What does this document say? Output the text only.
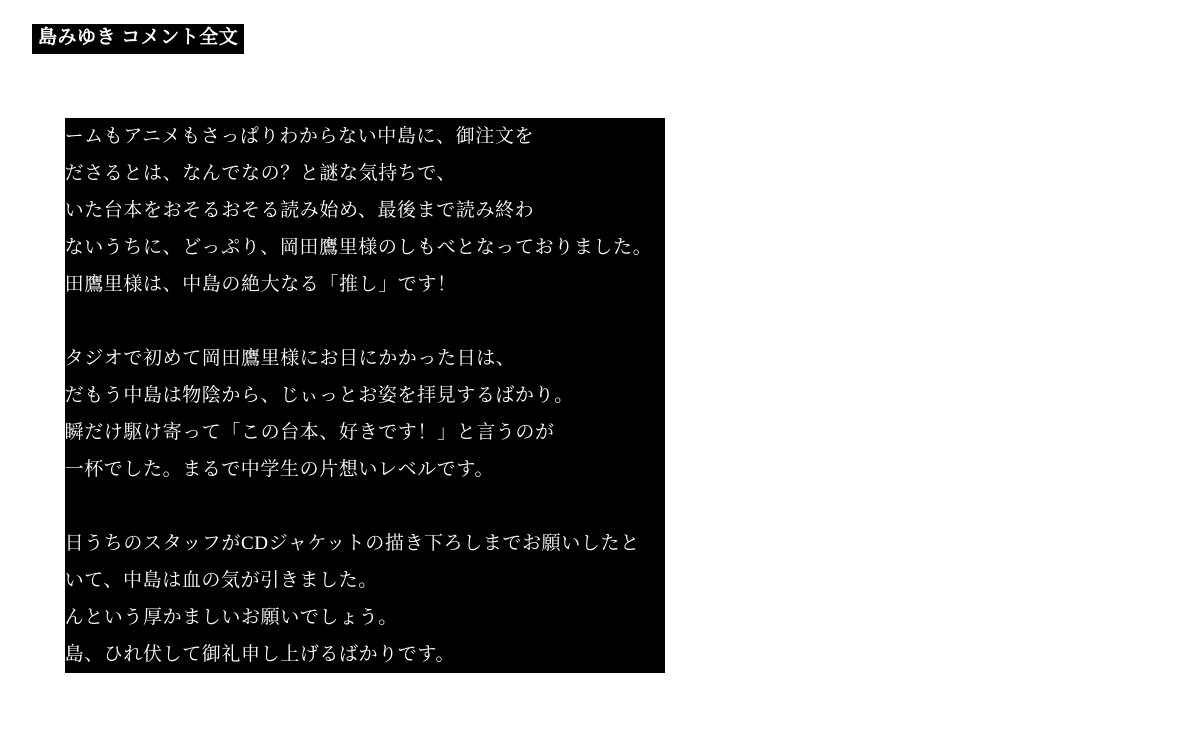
島みゆき コメント全文
ゲームもアニメもさっぱりわからない中島に、御注文を
くださるとは、なんでなの？と謎な気持ちで、
届いた台本をおそるおそる読み始め、最後まで読み終わ
らないうちに、どっぷり、岡田鷹里様のしもべとなっておりました。
岡田鷹里様は、中島の絶大なる「推し」です！
スタジオで初めて岡田鷹里様にお目にかかった日は、
ただもう中島は物陰から、じぃっとお姿を拝見するばかり。
一瞬だけ駆け寄って「この台本、好きです！」と言うのが
精一杯でした。まるで中学生の片想いレベルです。
後日うちのスタッフがCDジャケットの描き下ろしまでお願いしたと
聞いて、中島は血の気が引きました。
なんという厚かましいお願いでしょう。
中島、ひれ伏して御礼申し上げるばかりです。
